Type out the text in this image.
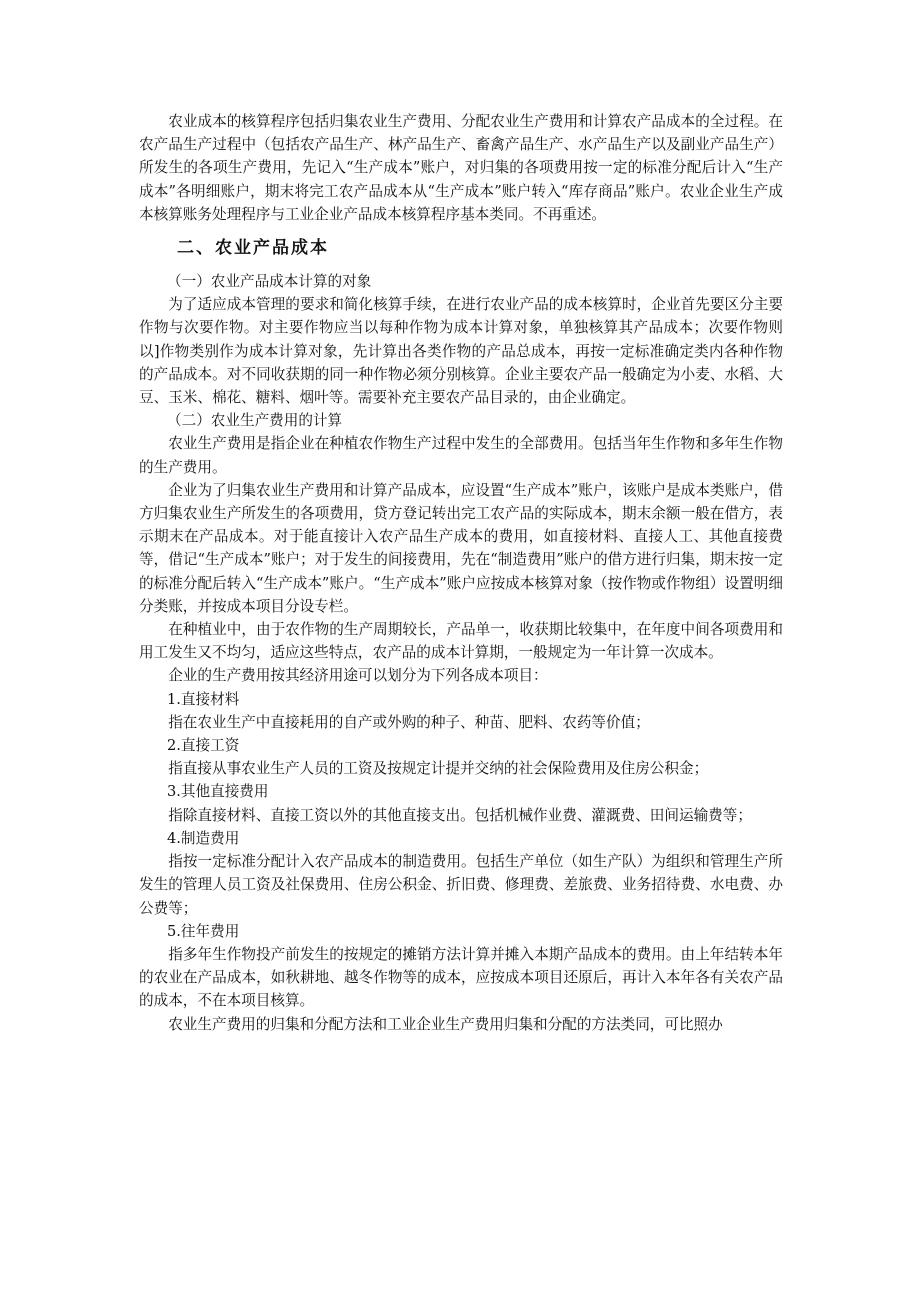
农业成本的核算程序包括归集农业生产费用、分配农业生产费用和计算农产品成本的全过程。在农产品生产过程中（包括农产品生产、林产品生产、畜禽产品生产、水产品生产以及副业产品生产）所发生的各项生产费用，先记入“生产成本”账户，对归集的各项费用按一定的标准分配后计入“生产成本”各明细账户，期末将完工农产品成本从“生产成本”账户转入“库存商品”账户。农业企业生产成本核算账务处理程序与工业企业产品成本核算程序基本类同。不再重述。

二、农业产品成本

（一）农业产品成本计算的对象

为了适应成本管理的要求和简化核算手续，在进行农业产品的成本核算时，企业首先要区分主要作物与次要作物。对主要作物应当以每种作物为成本计算对象，单独核算其产品成本；次要作物则以]作物类别作为成本计算对象，先计算出各类作物的产品总成本，再按一定标准确定类内各种作物的产品成本。对不同收获期的同一种作物必须分别核算。企业主要农产品一般确定为小麦、水稻、大豆、玉米、棉花、糖料、烟叶等。需要补充主要农产品目录的，由企业确定。

（二）农业生产费用的计算

农业生产费用是指企业在种植农作物生产过程中发生的全部费用。包括当年生作物和多年生作物的生产费用。

企业为了归集农业生产费用和计算产品成本，应设置“生产成本”账户，该账户是成本类账户，借方归集农业生产所发生的各项费用，贷方登记转出完工农产品的实际成本，期末余额一般在借方，表示期末在产品成本。对于能直接计入农产品生产成本的费用，如直接材料、直接人工、其他直接费等，借记“生产成本”账户；对于发生的间接费用，先在“制造费用”账户的借方进行归集，期末按一定的标准分配后转入“生产成本”账户。“生产成本”账户应按成本核算对象（按作物或作物组）设置明细分类账，并按成本项目分设专栏。

在种植业中，由于农作物的生产周期较长，产品单一，收获期比较集中，在年度中间各项费用和用工发生又不均匀，适应这些特点，农产品的成本计算期，一般规定为一年计算一次成本。

企业的生产费用按其经济用途可以划分为下列各成本项目：

1.直接材料

指在农业生产中直接耗用的自产或外购的种子、种苗、肥料、农药等价值；

2.直接工资

指直接从事农业生产人员的工资及按规定计提并交纳的社会保险费用及住房公积金；

3.其他直接费用

指除直接材料、直接工资以外的其他直接支出。包括机械作业费、灌溉费、田间运输费等；

4.制造费用

指按一定标准分配计入农产品成本的制造费用。包括生产单位（如生产队）为组织和管理生产所发生的管理人员工资及社保费用、住房公积金、折旧费、修理费、差旅费、业务招待费、水电费、办公费等；

5.往年费用

指多年生作物投产前发生的按规定的摊销方法计算并摊入本期产品成本的费用。由上年结转本年的农业在产品成本，如秋耕地、越冬作物等的成本，应按成本项目还原后，再计入本年各有关农产品的成本，不在本项目核算。

农业生产费用的归集和分配方法和工业企业生产费用归集和分配的方法类同，可比照办
